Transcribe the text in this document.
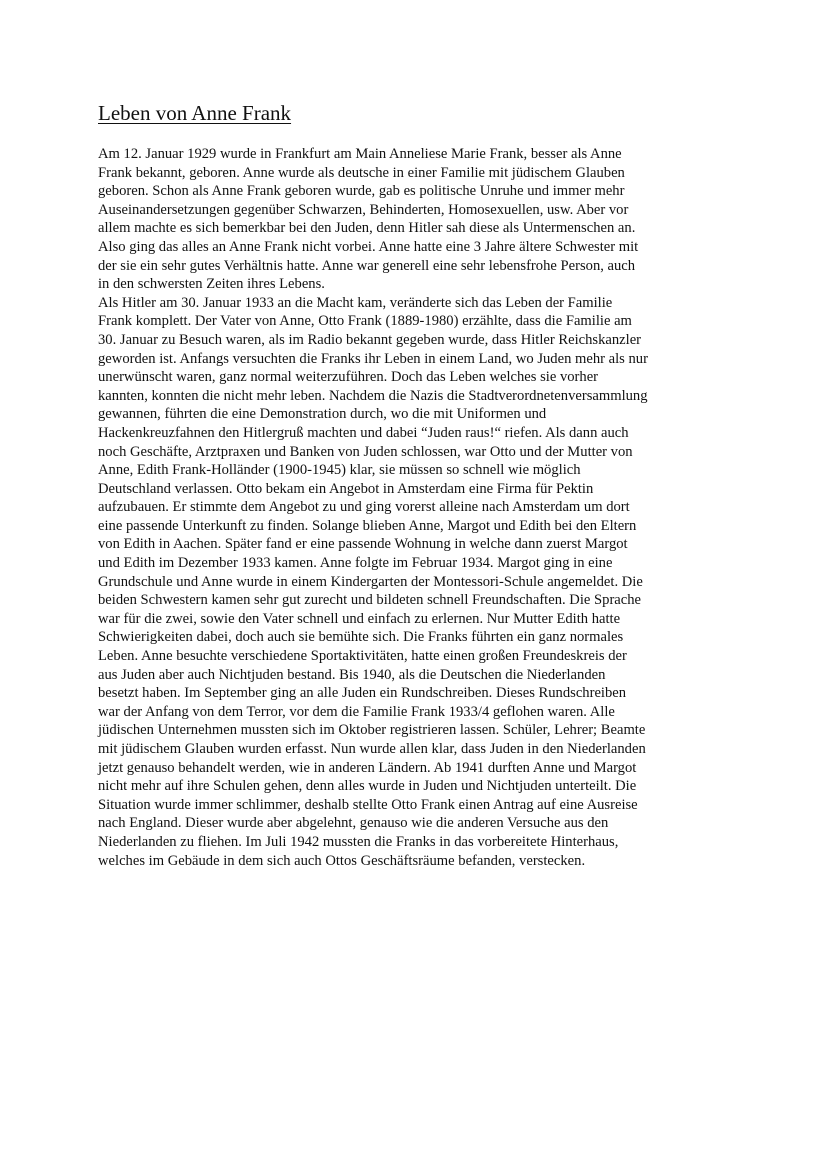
Leben von Anne Frank

Am 12. Januar 1929 wurde in Frankfurt am Main Anneliese Marie Frank, besser als Anne
Frank bekannt, geboren. Anne wurde als deutsche in einer Familie mit jüdischem Glauben
geboren. Schon als Anne Frank geboren wurde, gab es politische Unruhe und immer mehr
Auseinandersetzungen gegenüber Schwarzen, Behinderten, Homosexuellen, usw. Aber vor
allem machte es sich bemerkbar bei den Juden, denn Hitler sah diese als Untermenschen an.
Also ging das alles an Anne Frank nicht vorbei. Anne hatte eine 3 Jahre ältere Schwester mit
der sie ein sehr gutes Verhältnis hatte. Anne war generell eine sehr lebensfrohe Person, auch
in den schwersten Zeiten ihres Lebens.

Als Hitler am 30. Januar 1933 an die Macht kam, veränderte sich das Leben der Familie
Frank komplett. Der Vater von Anne, Otto Frank (1889-1980) erzählte, dass die Familie am
30. Januar zu Besuch waren, als im Radio bekannt gegeben wurde, dass Hitler Reichskanzler
geworden ist. Anfangs versuchten die Franks ihr Leben in einem Land, wo Juden mehr als nur
unerwünscht waren, ganz normal weiterzuführen. Doch das Leben welches sie vorher
kannten, konnten die nicht mehr leben. Nachdem die Nazis die Stadtverordnetenversammlung
gewannen, führten die eine Demonstration durch, wo die mit Uniformen und
Hackenkreuzfahnen den Hitlergruß machten und dabei “Juden raus!“ riefen. Als dann auch
noch Geschäfte, Arztpraxen und Banken von Juden schlossen, war Otto und der Mutter von
Anne, Edith Frank-Holländer (1900-1945) klar, sie müssen so schnell wie möglich
Deutschland verlassen. Otto bekam ein Angebot in Amsterdam eine Firma für Pektin
aufzubauen. Er stimmte dem Angebot zu und ging vorerst alleine nach Amsterdam um dort
eine passende Unterkunft zu finden. Solange blieben Anne, Margot und Edith bei den Eltern
von Edith in Aachen. Später fand er eine passende Wohnung in welche dann zuerst Margot
und Edith im Dezember 1933 kamen. Anne folgte im Februar 1934. Margot ging in eine
Grundschule und Anne wurde in einem Kindergarten der Montessori-Schule angemeldet. Die
beiden Schwestern kamen sehr gut zurecht und bildeten schnell Freundschaften. Die Sprache
war für die zwei, sowie den Vater schnell und einfach zu erlernen. Nur Mutter Edith hatte
Schwierigkeiten dabei, doch auch sie bemühte sich. Die Franks führten ein ganz normales
Leben. Anne besuchte verschiedene Sportaktivitäten, hatte einen großen Freundeskreis der
aus Juden aber auch Nichtjuden bestand. Bis 1940, als die Deutschen die Niederlanden
besetzt haben. Im September ging an alle Juden ein Rundschreiben. Dieses Rundschreiben
war der Anfang von dem Terror, vor dem die Familie Frank 1933/4 geflohen waren. Alle
jüdischen Unternehmen mussten sich im Oktober registrieren lassen. Schüler, Lehrer; Beamte
mit jüdischem Glauben wurden erfasst. Nun wurde allen klar, dass Juden in den Niederlanden
jetzt genauso behandelt werden, wie in anderen Ländern. Ab 1941 durften Anne und Margot
nicht mehr auf ihre Schulen gehen, denn alles wurde in Juden und Nichtjuden unterteilt. Die
Situation wurde immer schlimmer, deshalb stellte Otto Frank einen Antrag auf eine Ausreise
nach England. Dieser wurde aber abgelehnt, genauso wie die anderen Versuche aus den
Niederlanden zu fliehen. Im Juli 1942 mussten die Franks in das vorbereitete Hinterhaus,
welches im Gebäude in dem sich auch Ottos Geschäftsräume befanden, verstecken.
